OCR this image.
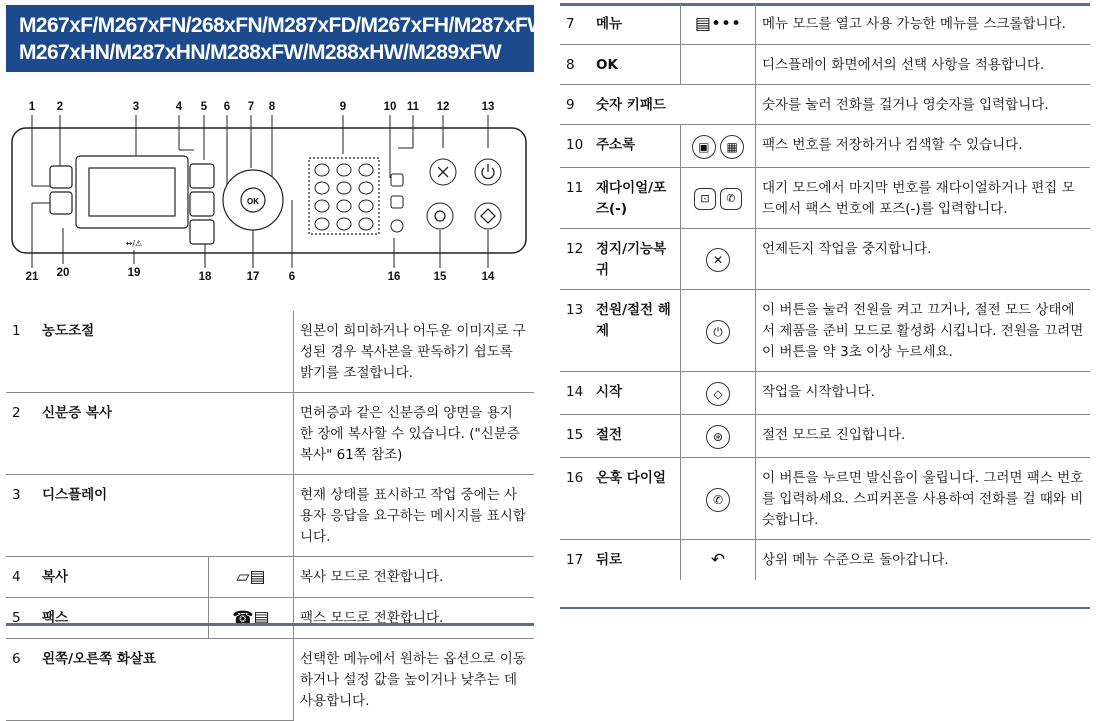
M267xF/M267xFN/268xFN/M287xFD/M267xFH/M287xFW/
M267xHN/M287xHN/M288xFW/M288xHW/M289xFW
1 2	3	4 5 6 7 8	9	10 11 12	13
21 20	19	18	17	6	16	15	14
OK
↔/⚠
1	농도조절		원본이 희미하거나 어두운 이미지로 구성된 경우 복사본을 판독하기 쉽도록 밝기를 조절합니다.
2	신분증 복사		면허증과 같은 신분증의 양면을 용지 한 장에 복사할 수 있습니다. ("신분증 복사" 61쪽 참조)
3	디스플레이		현재 상태를 표시하고 작업 중에는 사용자 응답을 요구하는 메시지를 표시합니다.
4	복사	▱▤	복사 모드로 전환합니다.
5	팩스	☎▤	팩스 모드로 전환합니다.
6	왼쪽/오른쪽 화살표		선택한 메뉴에서 원하는 옵션으로 이동하거나 설정 값을 높이거나 낮추는 데 사용합니다.
7	메뉴	▤•••	메뉴 모드를 열고 사용 가능한 메뉴를 스크롤합니다.
8	OK		디스플레이 화면에서의 선택 사항을 적용합니다.
9	숫자 키패드		숫자를 눌러 전화를 걸거나 영숫자를 입력합니다.
10	주소록	▣ ▦	팩스 번호를 저장하거나 검색할 수 있습니다.
11	재다이얼/포즈(-)	⊡ ✆	대기 모드에서 마지막 번호를 재다이얼하거나 편집 모드에서 팩스 번호에 포즈(-)를 입력합니다.
12	정지/기능복귀	✕	언제든지 작업을 중지합니다.
13	전원/절전 해제	⏻	이 버튼을 눌러 전원을 켜고 끄거나, 절전 모드 상태에서 제품을 준비 모드로 활성화 시킵니다. 전원을 끄려면 이 버튼을 약 3초 이상 누르세요.
14	시작	◇	작업을 시작합니다.
15	절전	⊛	절전 모드로 진입합니다.
16	온훅 다이얼	✆	이 버튼을 누르면 발신음이 울립니다. 그러면 팩스 번호를 입력하세요. 스피커폰을 사용하여 전화를 걸 때와 비슷합니다.
17	뒤로	↶	상위 메뉴 수준으로 돌아갑니다.
